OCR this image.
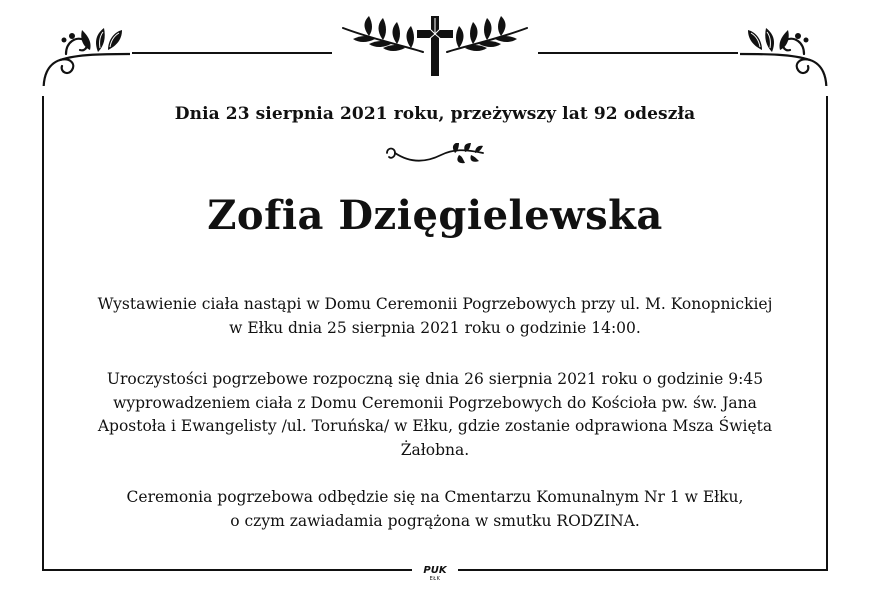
Dnia 23 sierpnia 2021 roku, przeżywszy lat 92 odeszła
Zofia Dzięgielewska
Wystawienie ciała nastąpi w Domu Ceremonii Pogrzebowych przy ul. M. Konopnickiej
w Ełku dnia 25 sierpnia 2021 roku o godzinie 14:00.
Uroczystości pogrzebowe rozpoczną się dnia 26 sierpnia 2021 roku o godzinie 9:45
wyprowadzeniem ciała z Domu Ceremonii Pogrzebowych do Kościoła pw. św. Jana
Apostoła i Ewangelisty /ul. Toruńska/ w Ełku, gdzie zostanie odprawiona Msza Święta
Żałobna.
Ceremonia pogrzebowa odbędzie się na Cmentarzu Komunalnym Nr 1 w Ełku,
o czym zawiadamia pogrążona w smutku RODZINA.
PUK
EŁK
